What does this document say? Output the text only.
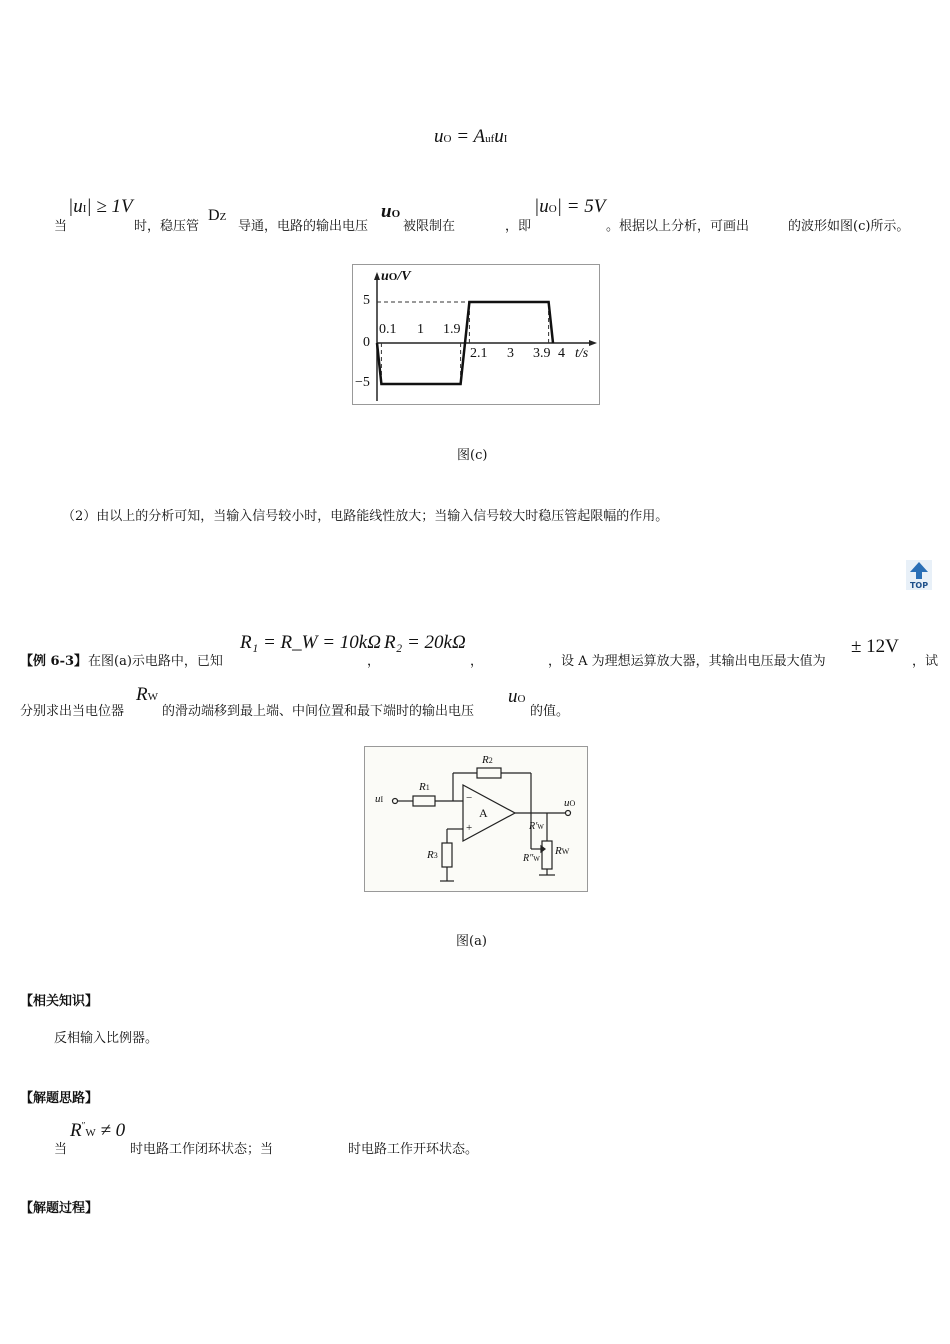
uO = AufuI
当
|uI| ≥ 1V
时，稳压管
DZ
导通，电路的输出电压
uO
被限制在	，即
|uO| = 5V
。根据以上分析，可画出	的波形如图(c)所示。
uO/V
5
0
−5
0.1 1 1.9
2.1 3 3.9 4 t/s
图(c)
（2）由以上的分析可知，当输入信号较小时，电路能线性放大；当输入信号较大时稳压管起限幅的作用。
TOP
【例 6-3】 在图(a)示电路中，已知
R₁ = R_W = 10kΩ
，
R₂ = 20kΩ
，	，设 A 为理想运算放大器，其输出电压最大值为
± 12V
，试
分别求出当电位器
RW
的滑动端移到最上端、中间位置和最下端时的输出电压
uO
的值。
uI
R1
R2
R3
A
−
+
uO
R′W
R″W
RW
图(a)
【相关知识】
反相输入比例器。
【解题思路】
当
R″W ≠ 0
时电路工作闭环状态；当	时电路工作开环状态。
【解题过程】
